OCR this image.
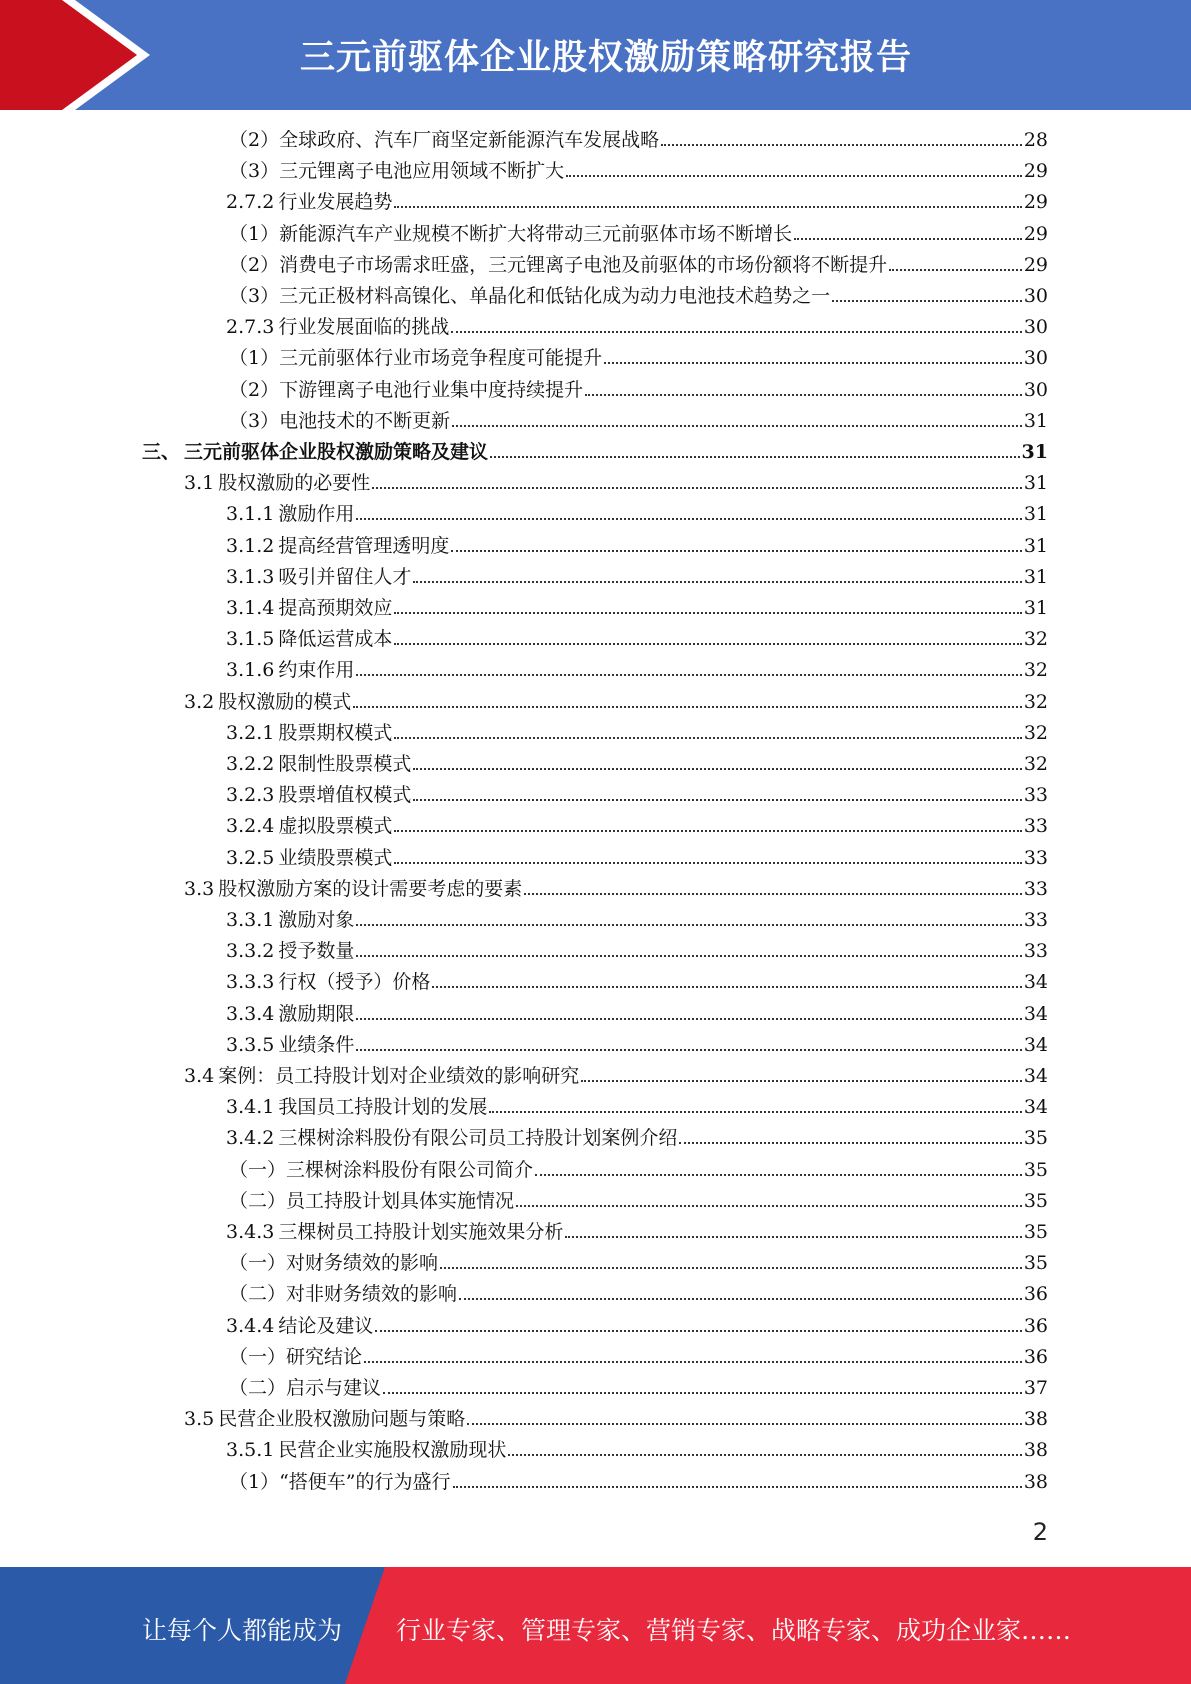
三元前驱体企业股权激励策略研究报告
（2） 全球政府、汽车厂商坚定新能源汽车发展战略	28
（3） 三元锂离子电池应用领域不断扩大	29
2.7.2 行业发展趋势	29
（1） 新能源汽车产业规模不断扩大将带动三元前驱体市场不断增长	29
（2） 消费电子市场需求旺盛，三元锂离子电池及前驱体的市场份额将不断提升	29
（3） 三元正极材料高镍化、单晶化和低钴化成为动力电池技术趋势之一	30
2.7.3 行业发展面临的挑战	30
（1） 三元前驱体行业市场竞争程度可能提升	30
（2） 下游锂离子电池行业集中度持续提升	30
（3） 电池技术的不断更新	31
三、 三元前驱体企业股权激励策略及建议	31
3.1 股权激励的必要性	31
3.1.1 激励作用	31
3.1.2 提高经营管理透明度	31
3.1.3 吸引并留住人才	31
3.1.4 提高预期效应	31
3.1.5 降低运营成本	32
3.1.6 约束作用	32
3.2 股权激励的模式	32
3.2.1 股票期权模式	32
3.2.2 限制性股票模式	32
3.2.3 股票增值权模式	33
3.2.4 虚拟股票模式	33
3.2.5 业绩股票模式	33
3.3 股权激励方案的设计需要考虑的要素	33
3.3.1 激励对象	33
3.3.2 授予数量	33
3.3.3 行权（授予）价格	34
3.3.4 激励期限	34
3.3.5 业绩条件	34
3.4 案例：员工持股计划对企业绩效的影响研究	34
3.4.1 我国员工持股计划的发展	34
3.4.2 三棵树涂料股份有限公司员工持股计划案例介绍	35
（一） 三棵树涂料股份有限公司简介	35
（二） 员工持股计划具体实施情况	35
3.4.3 三棵树员工持股计划实施效果分析	35
（一） 对财务绩效的影响	35
（二） 对非财务绩效的影响	36
3.4.4 结论及建议	36
（一） 研究结论	36
（二） 启示与建议	37
3.5 民营企业股权激励问题与策略	38
3.5.1 民营企业实施股权激励现状	38
（1） “搭便车”的行为盛行	38
2
让每个人都能成为 行业专家、管理专家、营销专家、战略专家、成功企业家……
